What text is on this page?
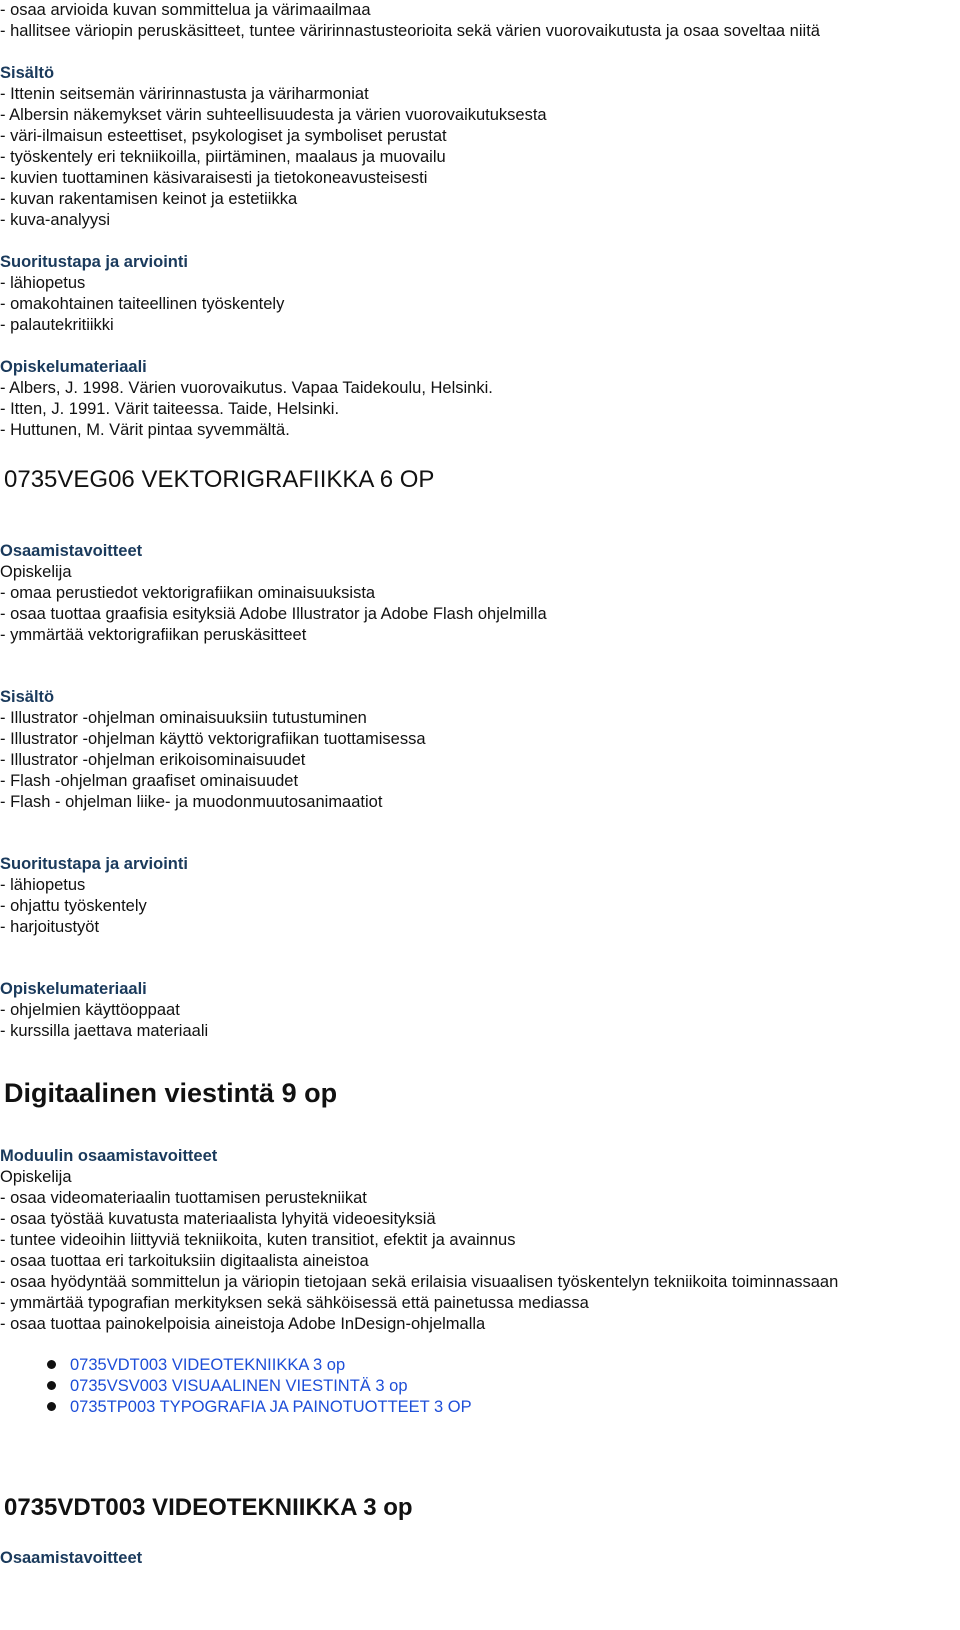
- osaa arvioida kuvan sommittelua ja värimaailmaa

- hallitsee väriopin peruskäsitteet, tuntee väririnnastusteorioita sekä värien vuorovaikutusta ja osaa soveltaa niitä

Sisältö

- Ittenin seitsemän väririnnastusta ja väriharmoniat

- Albersin näkemykset värin suhteellisuudesta ja värien vuorovaikutuksesta

- väri-ilmaisun esteettiset, psykologiset ja symboliset perustat

- työskentely eri tekniikoilla, piirtäminen, maalaus ja muovailu

- kuvien tuottaminen käsivaraisesti ja tietokoneavusteisesti

- kuvan rakentamisen keinot ja estetiikka

- kuva-analyysi

Suoritustapa ja arviointi

- lähiopetus

- omakohtainen taiteellinen työskentely

- palautekritiikki

Opiskelumateriaali

- Albers, J. 1998. Värien vuorovaikutus. Vapaa Taidekoulu, Helsinki.

- Itten, J. 1991. Värit taiteessa. Taide, Helsinki.

- Huttunen, M. Värit pintaa syvemmältä.

0735VEG06 VEKTORIGRAFIIKKA 6 OP

Osaamistavoitteet

Opiskelija

- omaa perustiedot vektorigrafiikan ominaisuuksista

- osaa tuottaa graafisia esityksiä Adobe Illustrator ja Adobe Flash ohjelmilla

- ymmärtää vektorigrafiikan peruskäsitteet

Sisältö

- Illustrator -ohjelman ominaisuuksiin tutustuminen

- Illustrator -ohjelman käyttö vektorigrafiikan tuottamisessa

- Illustrator -ohjelman erikoisominaisuudet

- Flash -ohjelman graafiset ominaisuudet

- Flash - ohjelman liike- ja muodonmuutosanimaatiot

Suoritustapa ja arviointi

- lähiopetus

- ohjattu työskentely

- harjoitustyöt

Opiskelumateriaali

- ohjelmien käyttöoppaat

- kurssilla jaettava materiaali

Digitaalinen viestintä 9 op

Moduulin osaamistavoitteet

Opiskelija

- osaa videomateriaalin tuottamisen perustekniikat

- osaa työstää kuvatusta materiaalista lyhyitä videoesityksiä

- tuntee videoihin liittyviä tekniikoita, kuten transitiot, efektit ja avainnus

- osaa tuottaa eri tarkoituksiin digitaalista aineistoa

- osaa hyödyntää sommittelun ja väriopin tietojaan sekä erilaisia visuaalisen työskentelyn tekniikoita toiminnassaan

- ymmärtää typografian merkityksen sekä sähköisessä että painetussa mediassa

- osaa tuottaa painokelpoisia aineistoja Adobe InDesign-ohjelmalla

0735VDT003 VIDEOTEKNIIKKA 3 op
0735VSV003 VISUAALINEN VIESTINTÄ 3 op
0735TP003 TYPOGRAFIA JA PAINOTUOTTEET 3 OP
0735VDT003 VIDEOTEKNIIKKA 3 op

Osaamistavoitteet
